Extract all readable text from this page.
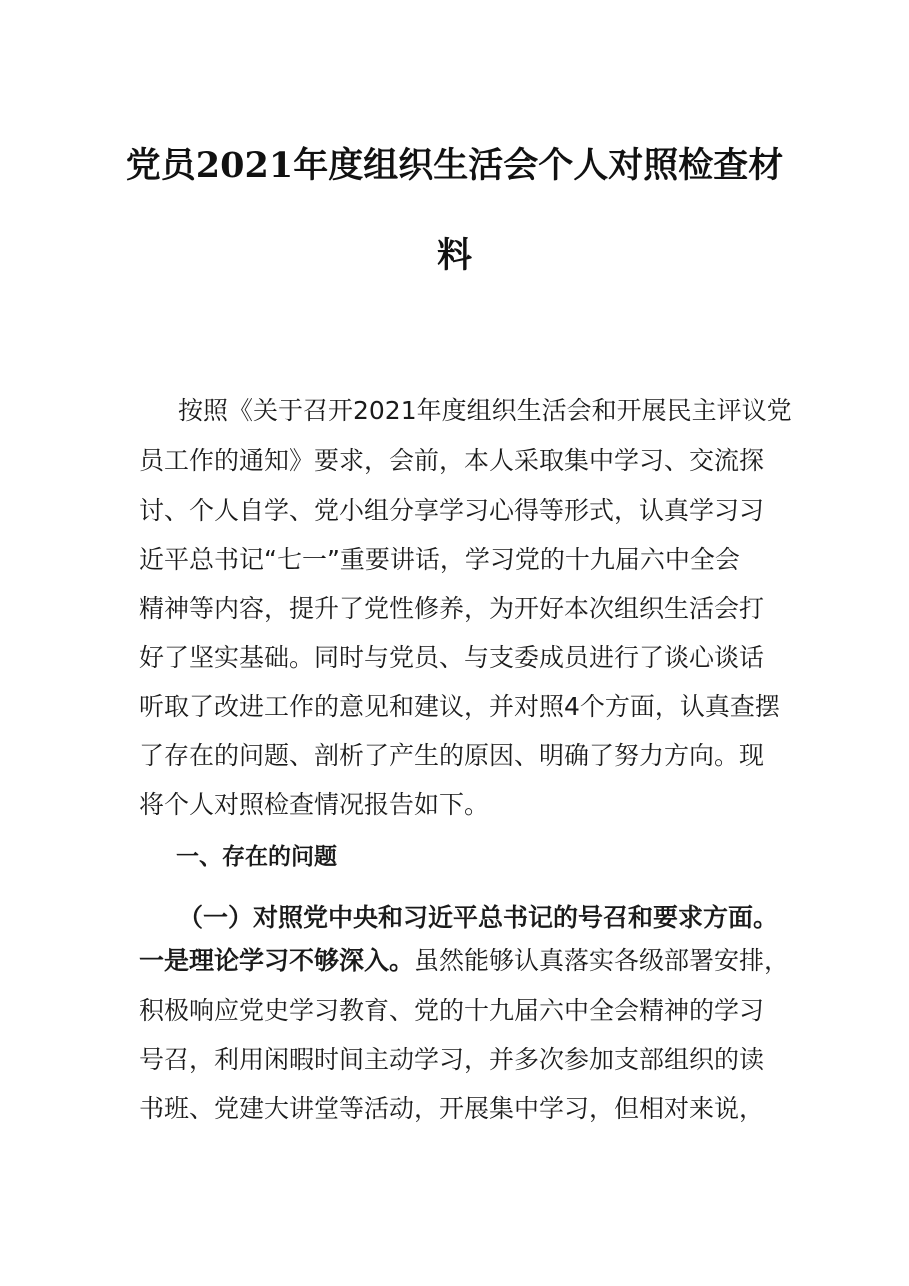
党员2021年度组织生活会个人对照检查材
料

按照《关于召开2021年度组织生活会和开展民主评议党

员工作的通知》要求，会前，本人采取集中学习、交流探

讨、个人自学、党小组分享学习心得等形式，认真学习习

近平总书记“七一”重要讲话，学习党的十九届六中全会

精神等内容，提升了党性修养，为开好本次组织生活会打

好了坚实基础。同时与党员、与支委成员进行了谈心谈话

听取了改进工作的意见和建议，并对照4个方面，认真查摆

了存在的问题、剖析了产生的原因、明确了努力方向。现

将个人对照检查情况报告如下。

一、存在的问题

（一）对照党中央和习近平总书记的号召和要求方面。

一是理论学习不够深入。虽然能够认真落实各级部署安排，

积极响应党史学习教育、党的十九届六中全会精神的学习

号召，利用闲暇时间主动学习，并多次参加支部组织的读

书班、党建大讲堂等活动，开展集中学习，但相对来说，
